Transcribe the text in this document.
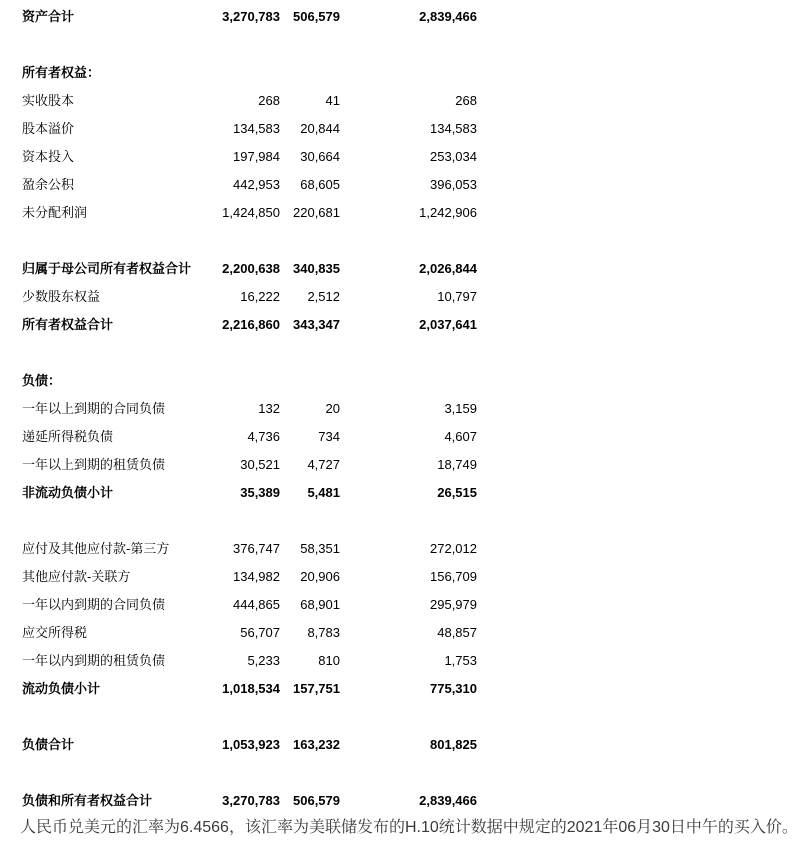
资产合计	3,270,783	506,579	2,839,466
所有者权益：
实收股本	268	41	268
股本溢价	134,583	20,844	134,583
资本投入	197,984	30,664	253,034
盈余公积	442,953	68,605	396,053
未分配利润	1,424,850	220,681	1,242,906
归属于母公司所有者权益合计	2,200,638	340,835	2,026,844
少数股东权益	16,222	2,512	10,797
所有者权益合计	2,216,860	343,347	2,037,641
负债：
一年以上到期的合同负债	132	20	3,159
递延所得税负债	4,736	734	4,607
一年以上到期的租赁负债	30,521	4,727	18,749
非流动负债小计	35,389	5,481	26,515
应付及其他应付款-第三方	376,747	58,351	272,012
其他应付款-关联方	134,982	20,906	156,709
一年以内到期的合同负债	444,865	68,901	295,979
应交所得税	56,707	8,783	48,857
一年以内到期的租赁负债	5,233	810	1,753
流动负债小计	1,018,534	157,751	775,310
负债合计	1,053,923	163,232	801,825
负债和所有者权益合计	3,270,783	506,579	2,839,466
人民币兑美元的汇率为6.4566，该汇率为美联储发布的H.10统计数据中规定的2021年06月30日中午的买入价。
